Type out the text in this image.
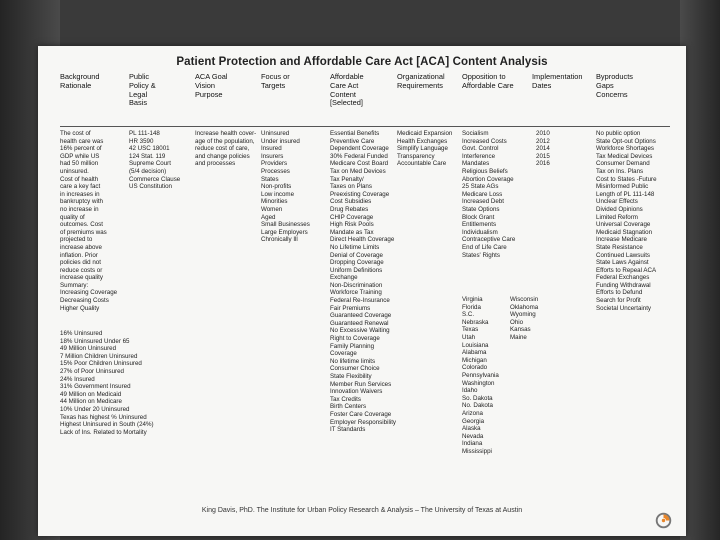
Patient Protection and Affordable Care Act [ACA] Content Analysis
Background
Rationale
Public
Policy &
Legal
Basis
ACA Goal
Vision
Purpose
Focus or
Targets
Affordable
Care Act
Content
[Selected]
Organizational
Requirements
Opposition to
Affordable Care
Implementation
Dates
Byproducts
Gaps
Concerns
The cost of
health care was
16% percent of
GDP while US
had 50 million
uninsured.
Cost of health
care a key fact
in increases in
bankruptcy with
no increase in
quality of
outcomes. Cost
of premiums was
projected to
increase above
inflation. Prior
policies did not
reduce costs or
increase quality
Summary:
Increasing Coverage
Decreasing Costs
Higher Quality
16% Uninsured
18% Uninsured Under 65
49 Million Uninsured
7 Million Children Uninsured
15% Poor Children Uninsured
27% of Poor Uninsured
24% Insured
31% Government Insured
49 Million on Medicaid
44 Million on Medicare
10% Under 20 Uninsured
Texas has highest % Uninsured
Highest Uninsured in South (24%)
Lack of Ins. Related to Mortality
PL 111-148
HR 3590
42 USC 18001
124 Stat. 119
Supreme Court
(5/4 decision)
Commerce Clause
US Constitution
Increase health cover-
age of the population,
reduce cost of care,
and change policies
and processes
Uninsured
Under insured
Insured
Insurers
Providers
Processes
States
Non-profits
Low income
Minorities
Women
Aged
Small Businesses
Large Employers
Chronically Ill
Essential Benefits
Preventive Care
Dependent Coverage
30% Federal Funded
Medicare Cost Board
Tax on Med Devices
Tax Penalty/
Taxes on Plans
Preexisting Coverage
Cost Subsidies
Drug Rebates
CHIP Coverage
High Risk Pools
Mandate as Tax
Direct Health Coverage
No Lifetime Limits
Denial of Coverage
Dropping Coverage
Uniform Definitions
Exchange
Non-Discrimination
Workforce Training
Federal Re-Insurance
Fair Premiums
Guaranteed Coverage
Guaranteed Renewal
No Excessive Waiting
Right to Coverage
Family Planning Coverage
No lifetime limits
Consumer Choice
State Flexibility
Member Run Services
Innovation Waivers
Tax Credits
Birth Centers
Foster Care Coverage
Employer Responsibility
IT Standards
Medicaid Expansion
Health Exchanges
Simplify Language
Transparency
Accountable Care
Socialism
Increased Costs
Govt. Control
Interference
Mandates
Religious Beliefs
Abortion Coverage
25 State AGs
Medicare Loss
Increased Debt
State Options
Block Grant
Entitlements
Individualism
Contraceptive Care
End of Life Care
States' Rights
Virginia
Florida
S.C.
Nebraska
Texas
Utah
Louisiana
Alabama
Michigan
Colorado
Pennsylvania
Washington
Idaho
So. Dakota
No. Dakota
Arizona
Georgia
Alaska
Nevada
Indiana
Mississippi
Wisconsin
Oklahoma
Wyoming
Ohio
Kansas
Maine
2010
2012
2014
2015
2016
No public option
State Opt-out Options
Workforce Shortages
Tax Medical Devices
Consumer Demand
Tax on Ins. Plans
Cost to States -Future
Misinformed Public
Length of PL 111-148
Unclear Effects
Divided Opinions
Limited Reform
Universal Coverage
Medicaid Stagnation
Increase Medicare
State Resistance
Continued Lawsuits
State Laws Against
Efforts to Repeal ACA
Federal Exchanges
Funding Withdrawal
Efforts to Defund
Search for Profit
Societal Uncertainty
King Davis, PhD. The Institute for Urban Policy Research & Analysis – The University of Texas at Austin
